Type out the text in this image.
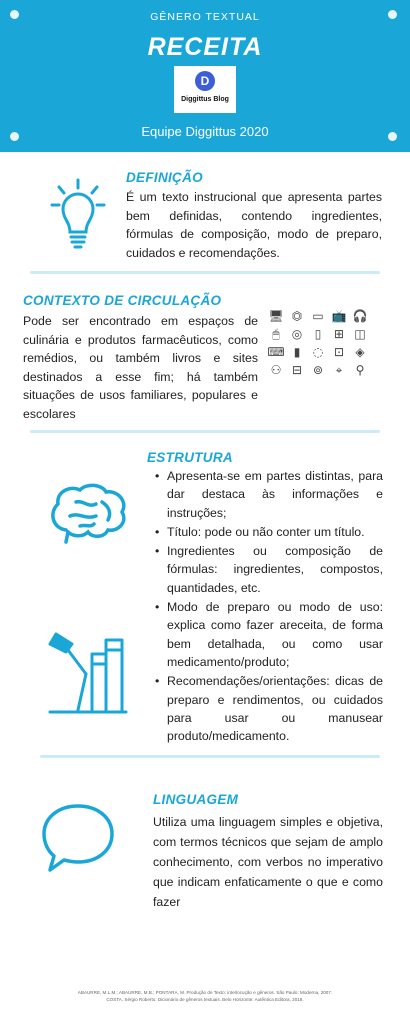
GÊNERO TEXTUAL
RECEITA
D
Diggittus Blog
Equipe Diggittus 2020
DEFINIÇÃO
É um texto instrucional que apresenta partes bem definidas, contendo ingredientes, fórmulas de composição, modo de preparo, cuidados e recomendações.
CONTEXTO DE CIRCULAÇÃO
Pode ser encontrado em espaços de culinária e produtos farmacêuticos, como remédios, ou também livros e sites destinados a esse fim; há também situações de usos familiares, populares e escolares
🖥 ⏣ ▭ 📺 🎧
🖱	◎	▯	⊞ ◫
⌨ ▮	◌ ⊡ ◈
⚇ ⊟ ⊚	⌖	⚲
ESTRUTURA
• Apresenta-se em partes distintas, para dar destaca às informações e instruções;
• Título: pode ou não conter um título.
• Ingredientes ou composição de fórmulas: ingredientes, compostos, quantidades, etc.
• Modo de preparo ou modo de uso: explica como fazer areceita, de forma bem detalhada, ou como usar medicamento/produto;
• Recomendações/orientações: dicas de preparo e rendimentos, ou cuidados para usar ou manusear produto/medicamento.
LINGUAGEM
Utiliza uma linguagem simples e objetiva, com termos técnicos que sejam de amplo conhecimento, com verbos no imperativo que indicam enfaticamente o que e como fazer
ABAURRE, M.L.M.; ABAURRE, M.B.; PONTARA, M. Produção de Texto: interlocução e gêneros. São Paulo: Moderna, 2007.
COSTA, Sérgio Roberto. Dicionário de gêneros textuais. Belo Horizonte: Autêntica Editora, 2018.
